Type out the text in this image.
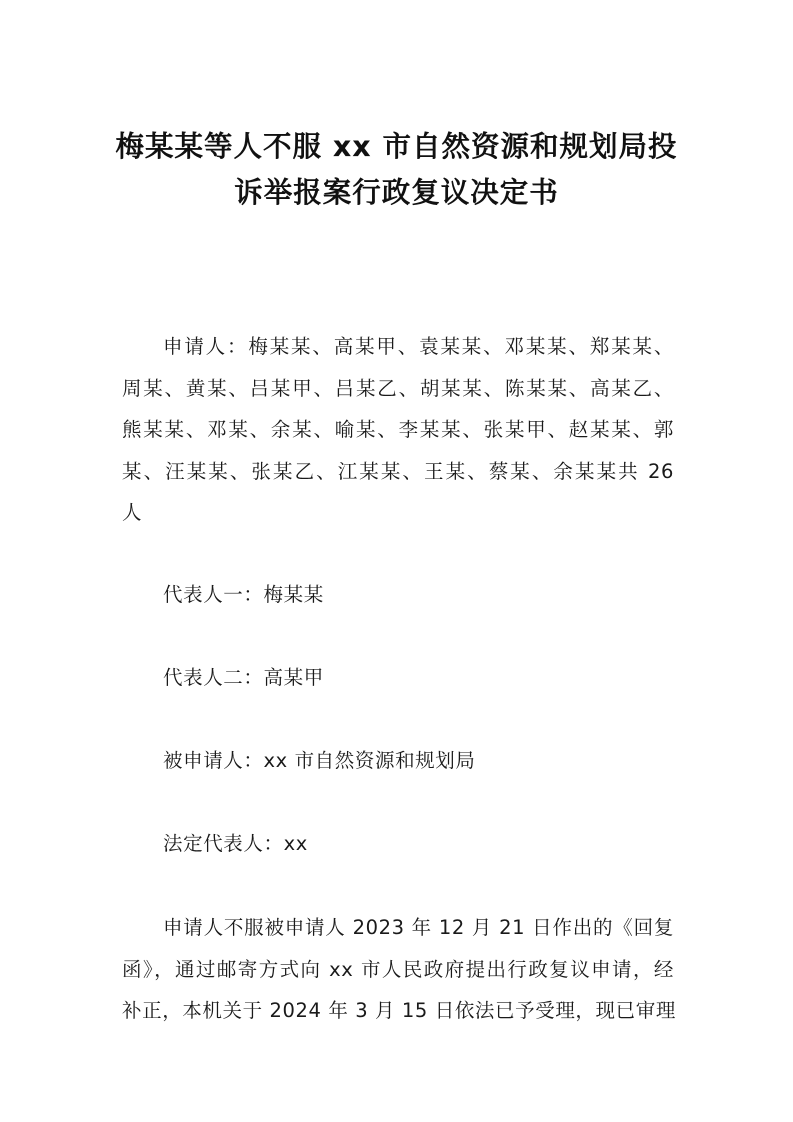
梅某某等人不服 xx 市自然资源和规划局投
诉举报案行政复议决定书
申请人：梅某某、高某甲、袁某某、邓某某、郑某某、
周某、黄某、吕某甲、吕某乙、胡某某、陈某某、高某乙、
熊某某、邓某、余某、喻某、李某某、张某甲、赵某某、郭
某、汪某某、张某乙、江某某、王某、蔡某、余某某共 26
人
代表人一：梅某某
代表人二：高某甲
被申请人：xx 市自然资源和规划局
法定代表人：xx
申请人不服被申请人 2023 年 12 月 21 日作出的《回复
函》，通过邮寄方式向 xx 市人民政府提出行政复议申请，经
补正，本机关于 2024 年 3 月 15 日依法已予受理，现已审理
